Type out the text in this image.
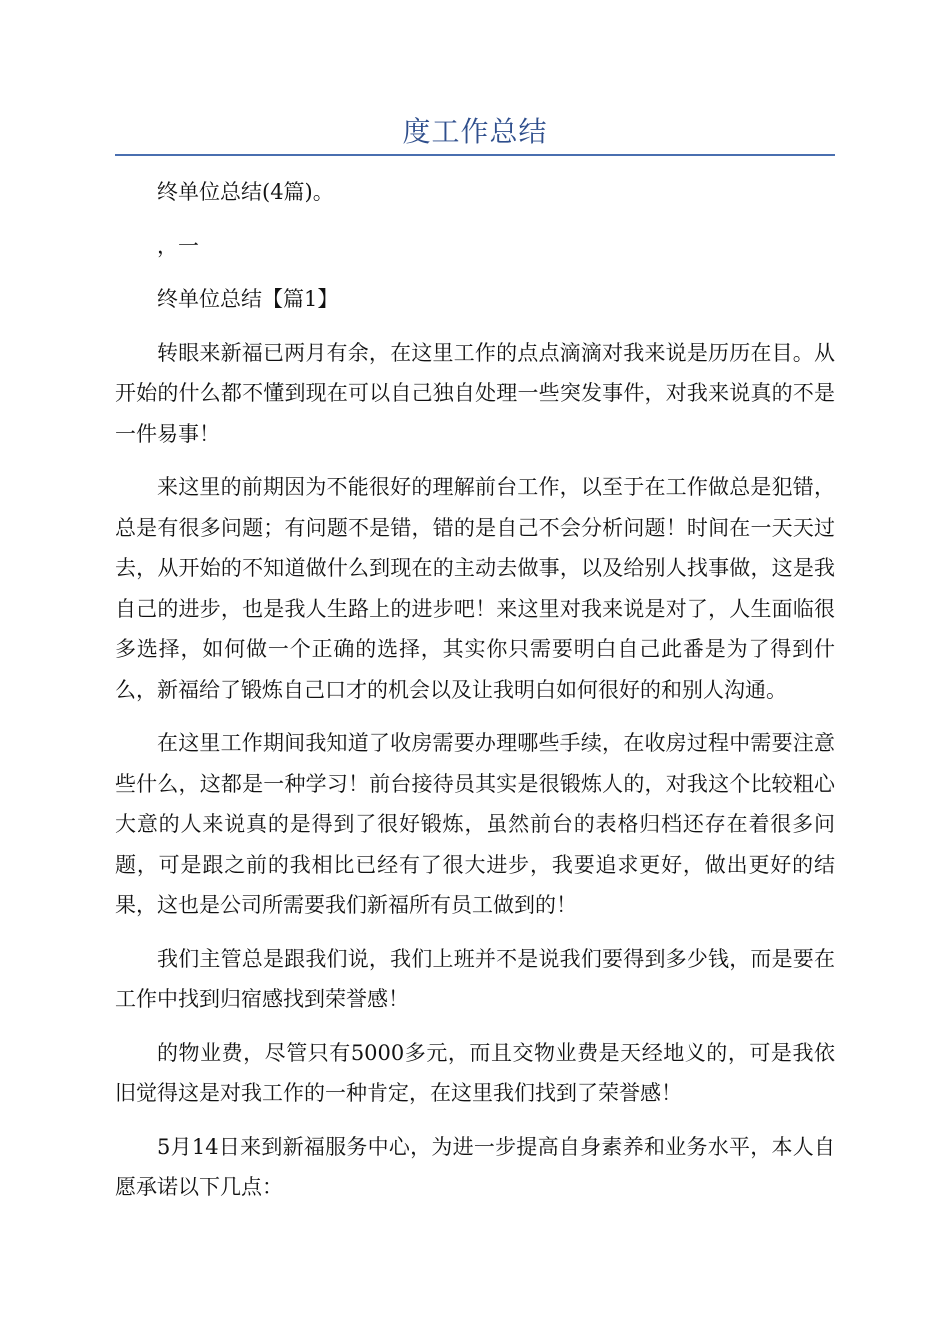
度工作总结

终单位总结(4篇)。

，一

终单位总结【篇1】

转眼来新福已两月有余，在这里工作的点点滴滴对我来说是历历在目。从开始的什么都不懂到现在可以自己独自处理一些突发事件，对我来说真的不是一件易事！

来这里的前期因为不能很好的理解前台工作，以至于在工作做总是犯错，总是有很多问题；有问题不是错，错的是自己不会分析问题！时间在一天天过去，从开始的不知道做什么到现在的主动去做事，以及给别人找事做，这是我自己的进步，也是我人生路上的进步吧！来这里对我来说是对了，人生面临很多选择，如何做一个正确的选择，其实你只需要明白自己此番是为了得到什么，新福给了锻炼自己口才的机会以及让我明白如何很好的和别人沟通。

在这里工作期间我知道了收房需要办理哪些手续，在收房过程中需要注意些什么，这都是一种学习！前台接待员其实是很锻炼人的，对我这个比较粗心大意的人来说真的是得到了很好锻炼，虽然前台的表格归档还存在着很多问题，可是跟之前的我相比已经有了很大进步，我要追求更好，做出更好的结果，这也是公司所需要我们新福所有员工做到的！

我们主管总是跟我们说，我们上班并不是说我们要得到多少钱，而是要在工作中找到归宿感找到荣誉感！

的物业费，尽管只有5000多元，而且交物业费是天经地义的，可是我依旧觉得这是对我工作的一种肯定，在这里我们找到了荣誉感！

5月14日来到新福服务中心，为进一步提高自身素养和业务水平，本人自愿承诺以下几点：
